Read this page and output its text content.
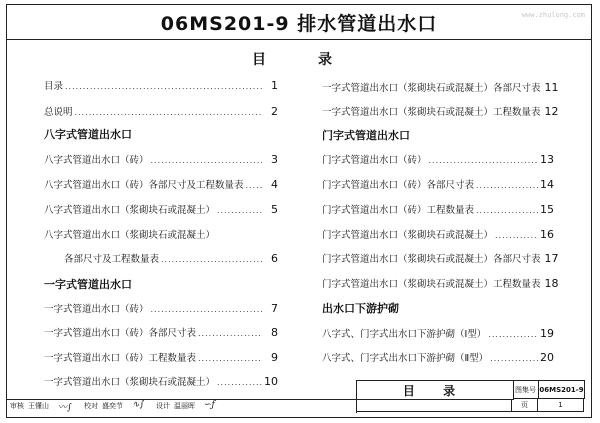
06MS201-9 排水管道出水口	www.zhulong.com
目	录
目录 .....	1
总说明 .....	2
八字式管道出水口
八字式管道出水口（砖） .....	3
八字式管道出水口（砖）各部尺寸及工程数量表 .....	4
八字式管道出水口（浆砌块石或混凝土） .....	5
八字式管道出水口（浆砌块石或混凝土）
各部尺寸及工程数量表 .....	6
一字式管道出水口
一字式管道出水口（砖） .....	7
一字式管道出水口（砖）各部尺寸表 .....	8
一字式管道出水口（砖）工程数量表 .....	9
一字式管道出水口（浆砌块石或混凝土） .....	10
一字式管道出水口（浆砌块石或混凝土）各部尺寸表 11
一字式管道出水口（浆砌块石或混凝土）工程数量表 12
门字式管道出水口
门字式管道出水口（砖） .....	13
门字式管道出水口（砖）各部尺寸表 .....	14
门字式管道出水口（砖）工程数量表 .....	15
门字式管道出水口（浆砌块石或混凝土） .....	16
门字式管道出水口（浆砌块石或混凝土）各部尺寸表 17
门字式管道出水口（浆砌块石或混凝土）工程数量表 18
出水口下游护砌
八字式、门字式出水口下游护砌（Ⅰ型） .....	19
八字式、门字式出水口下游护砌（Ⅱ型） .....	20
目 录	图集号 06MS201-9
审核 王懂山 〰∫ 校对 盛奕节 ∿∫ 设计 温丽晖 ∽ƒ	页	1
